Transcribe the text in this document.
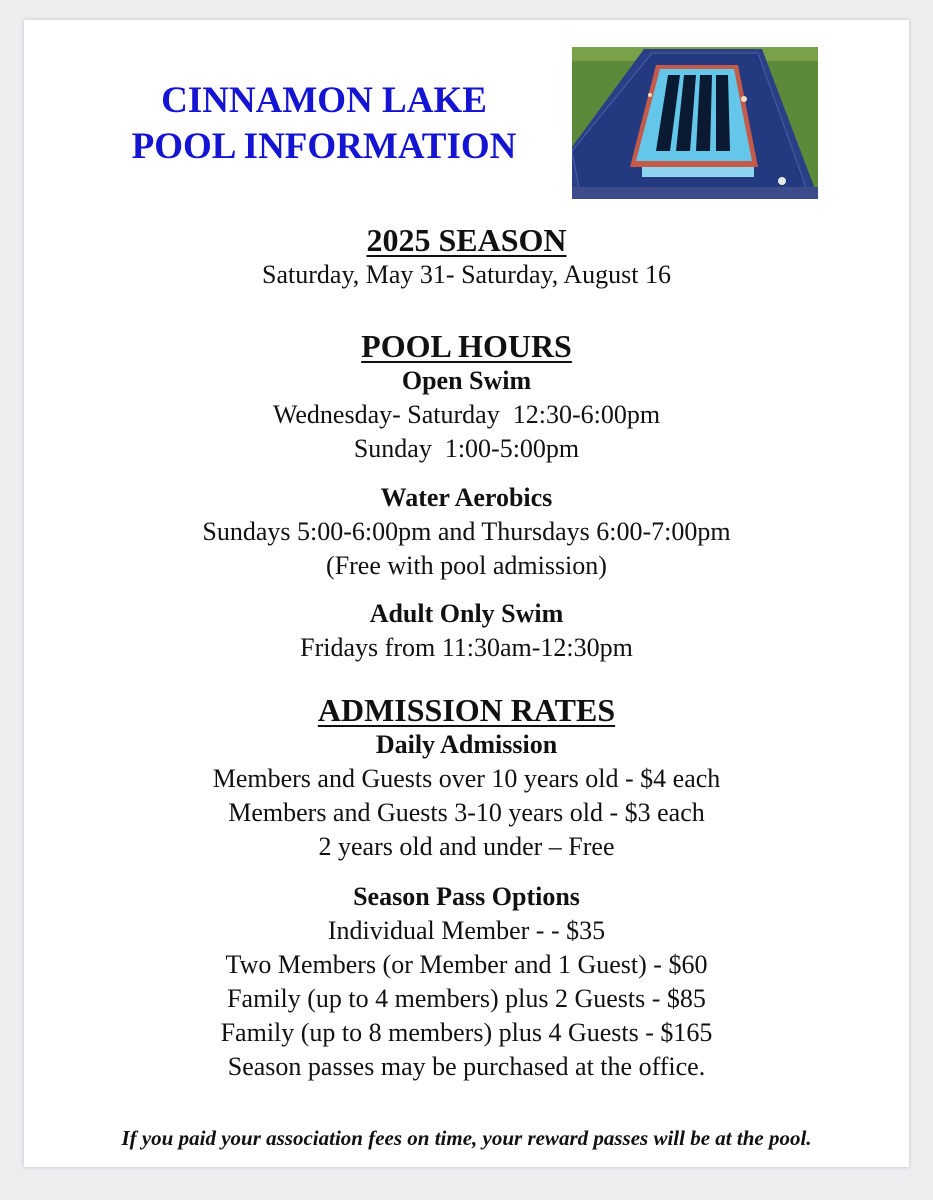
CINNAMON LAKE
POOL INFORMATION
2025 SEASON
Saturday, May 31- Saturday, August 16
POOL HOURS
Open Swim
Wednesday- Saturday  12:30-6:00pm
Sunday  1:00-5:00pm
Water Aerobics
Sundays 5:00-6:00pm and Thursdays 6:00-7:00pm
(Free with pool admission)
Adult Only Swim
Fridays from 11:30am-12:30pm
ADMISSION RATES
Daily Admission
Members and Guests over 10 years old - $4 each
Members and Guests 3-10 years old - $3 each
2 years old and under – Free
Season Pass Options
Individual Member - - $35
Two Members (or Member and 1 Guest) - $60
Family (up to 4 members) plus 2 Guests - $85
Family (up to 8 members) plus 4 Guests - $165
Season passes may be purchased at the office.
If you paid your association fees on time, your reward passes will be at the pool.
